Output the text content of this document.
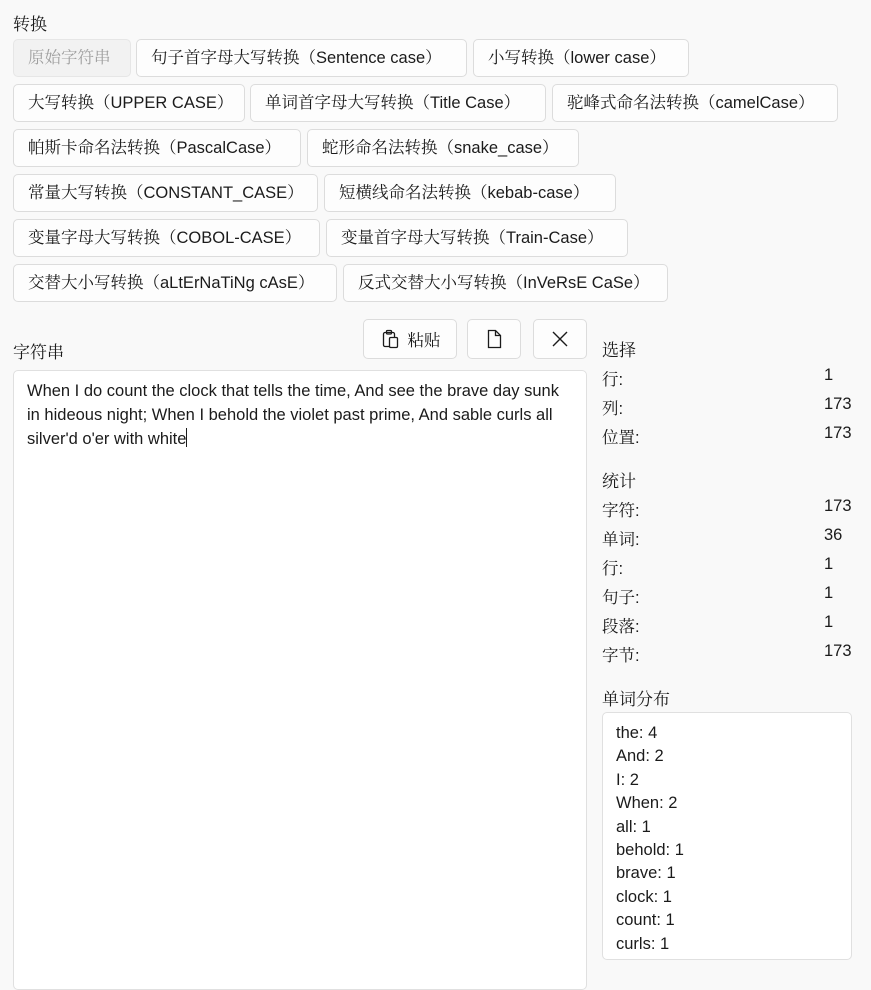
转换
原始字符串	句子首字母大写转换（Sentence case）	小写转换（lower case）
大写转换（UPPER CASE）	单词首字母大写转换（Title Case）	驼峰式命名法转换（camelCase）
帕斯卡命名法转换（PascalCase）	蛇形命名法转换（snake_case）
常量大写转换（CONSTANT_CASE）	短横线命名法转换（kebab-case）
变量字母大写转换（COBOL-CASE）	变量首字母大写转换（Train-Case）
交替大小写转换（aLtErNaTiNg cAsE）	反式交替大小写转换（InVeRsE CaSe）
字符串
粘贴
When I do count the clock that tells the time, And see the brave day sunk in hideous night; When I behold the violet past prime, And sable curls all silver'd o'er with white
选择
行:	1
列:	173
位置:	173
统计
字符:	173
单词:	36
行:	1
句子:	1
段落:	1
字节:	173
单词分布
the: 4
And: 2
I: 2
When: 2
all: 1
behold: 1
brave: 1
clock: 1
count: 1
curls: 1
